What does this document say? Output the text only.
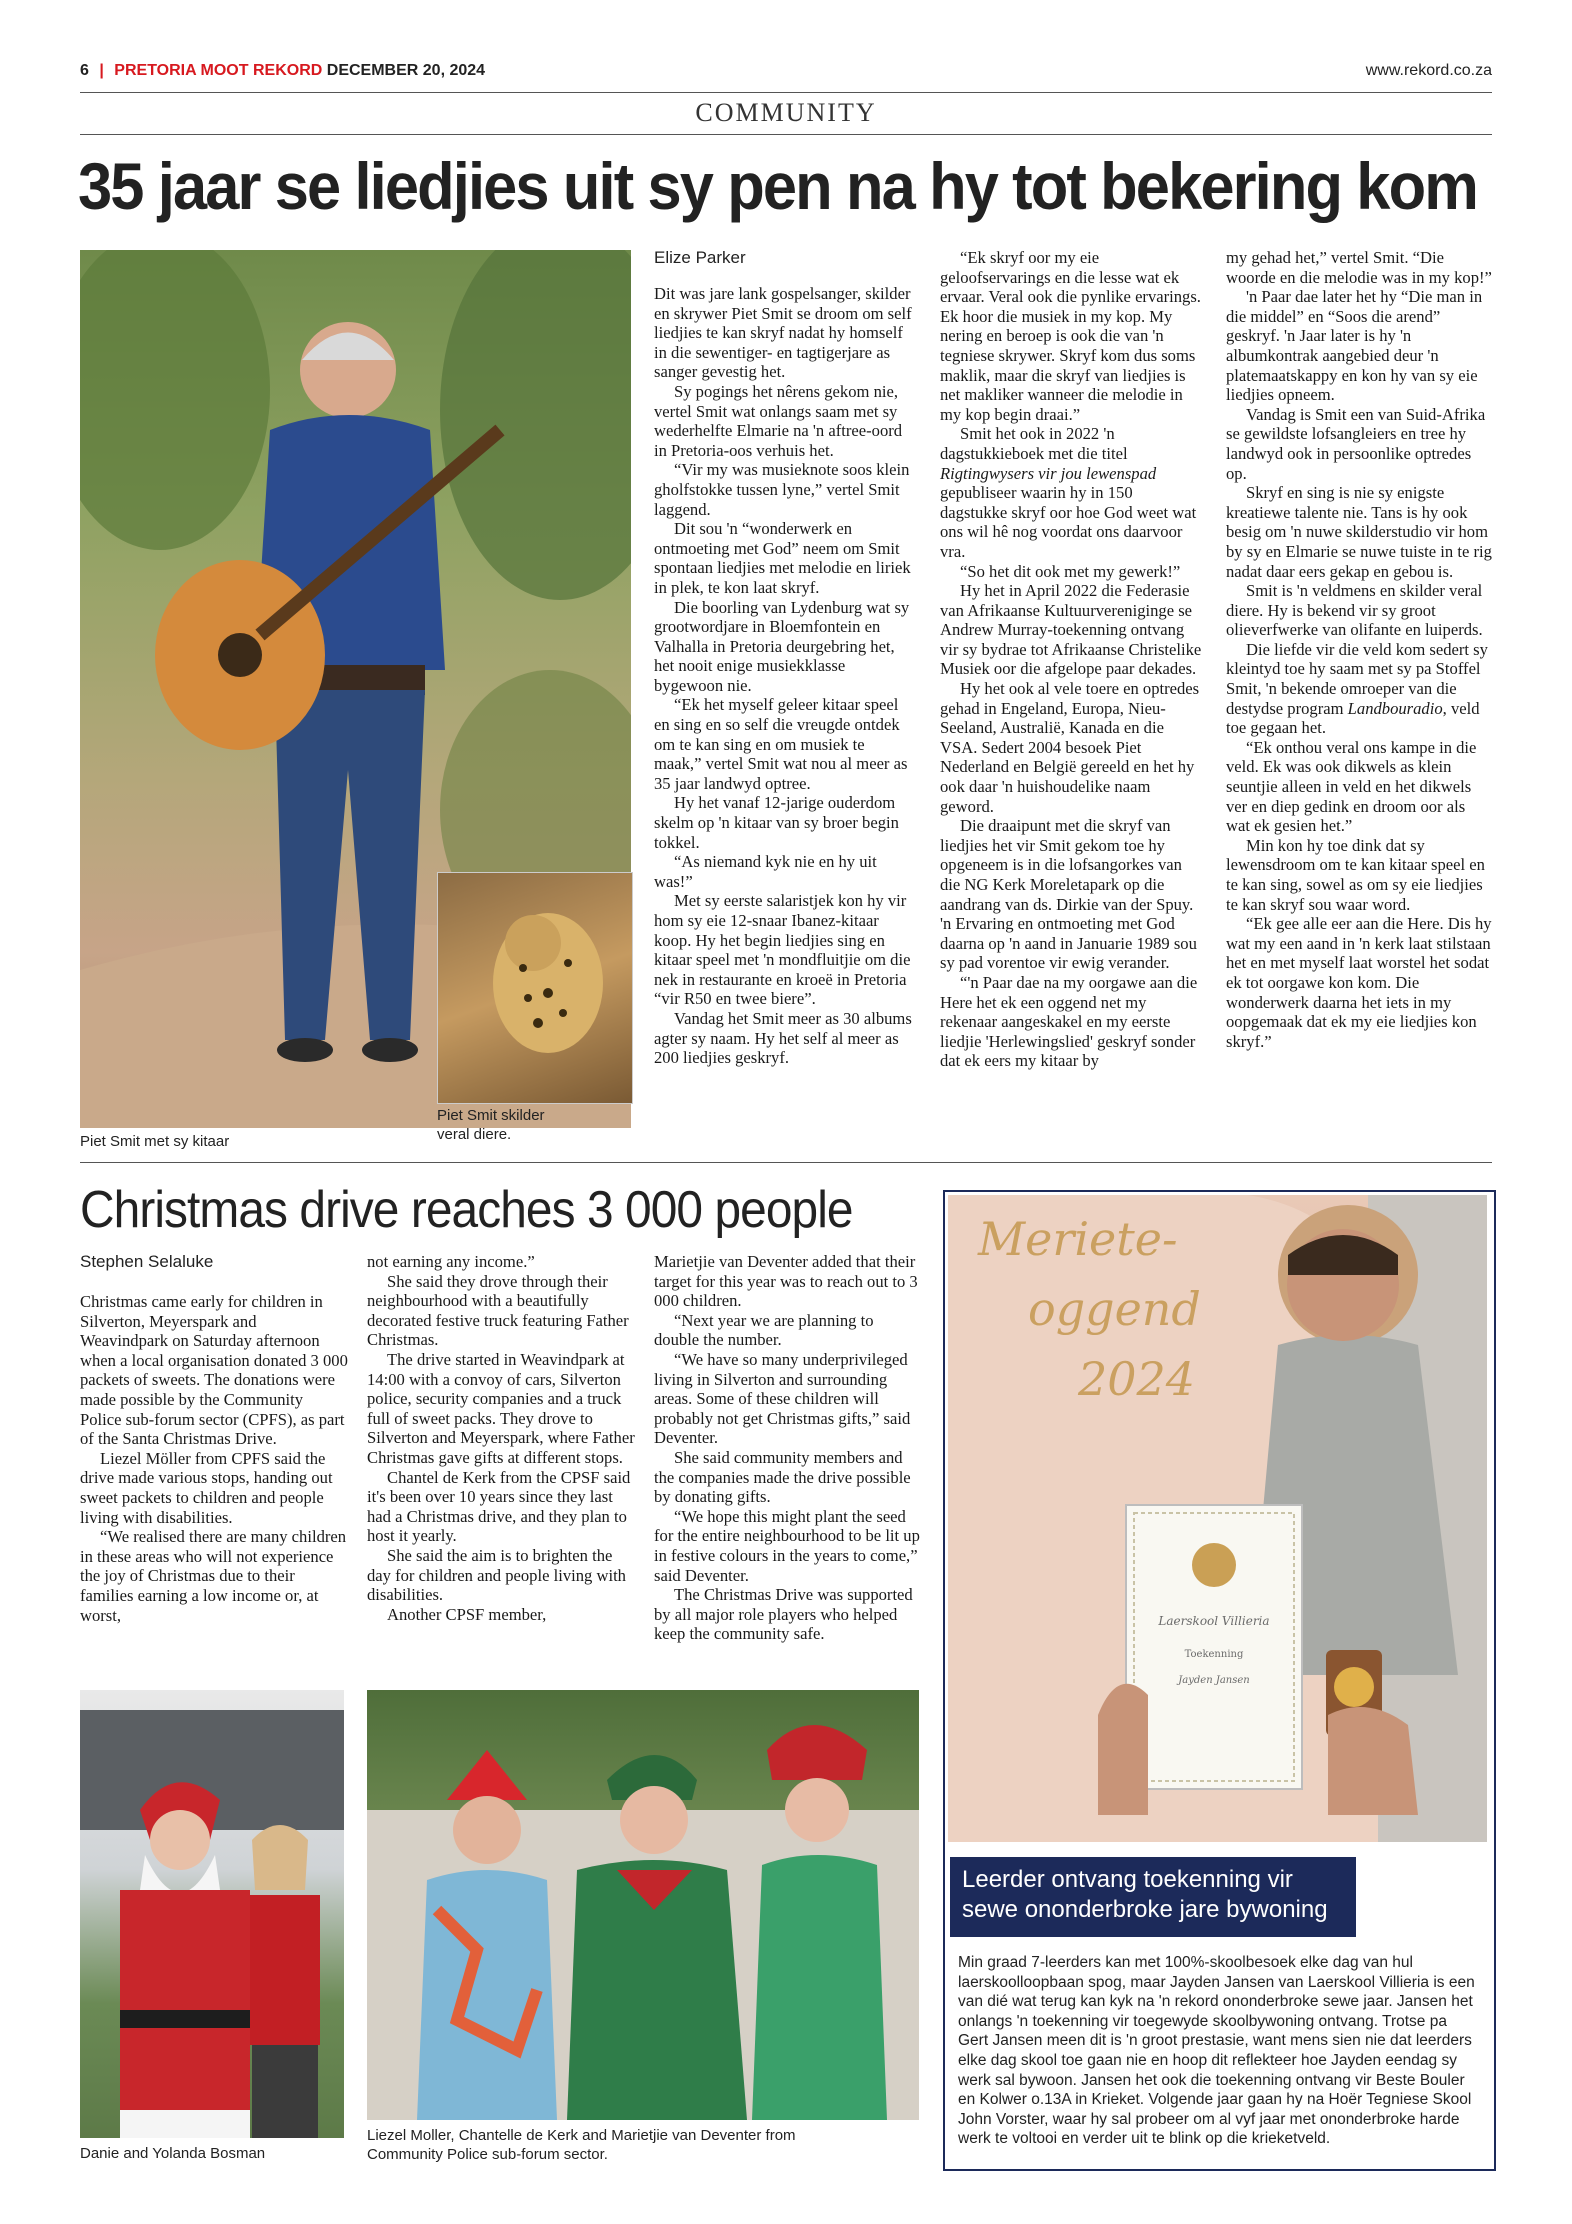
6 | PRETORIA MOOT REKORD DECEMBER 20, 2024	www.rekord.co.za
COMMUNITY
35 jaar se liedjies uit sy pen na hy tot bekering kom
Piet Smit met sy kitaar
Piet Smit skilder
veral diere.
Elize Parker

Dit was jare lank gospelsanger, skilder en skrywer Piet Smit se droom om self liedjies te kan skryf nadat hy homself in die sewentiger- en tagtigerjare as sanger gevestig het.

Sy pogings het nêrens gekom nie, vertel Smit wat onlangs saam met sy wederhelfte Elmarie na 'n aftree-oord in Pretoria-oos verhuis het.

“Vir my was musieknote soos klein gholfstokke tussen lyne,” vertel Smit laggend.

Dit sou 'n “wonderwerk en ontmoeting met God” neem om Smit spontaan liedjies met melodie en liriek in plek, te kon laat skryf.

Die boorling van Lydenburg wat sy grootwordjare in Bloemfontein en Valhalla in Pretoria deurgebring het, het nooit enige musiekklasse bygewoon nie.

“Ek het myself geleer kitaar speel en sing en so self die vreugde ontdek om te kan sing en om musiek te maak,” vertel Smit wat nou al meer as 35 jaar landwyd optree.

Hy het vanaf 12-jarige ouderdom skelm op 'n kitaar van sy broer begin tokkel.

“As niemand kyk nie en hy uit was!”

Met sy eerste salaristjek kon hy vir hom sy eie 12-snaar Ibanez-kitaar koop. Hy het begin liedjies sing en kitaar speel met 'n mondfluitjie om die nek in restaurante en kroeë in Pretoria “vir R50 en twee biere”.

Vandag het Smit meer as 30 albums agter sy naam. Hy het self al meer as 200 liedjies geskryf.

“Ek skryf oor my eie geloofservarings en die lesse wat ek ervaar. Veral ook die pynlike ervarings. Ek hoor die musiek in my kop. My nering en beroep is ook die van 'n tegniese skrywer. Skryf kom dus soms maklik, maar die skryf van liedjies is net makliker wanneer die melodie in my kop begin draai.”

Smit het ook in 2022 'n dagstukkieboek met die titel Rigtingwysers vir jou lewenspad gepubliseer waarin hy in 150 dagstukke skryf oor hoe God weet wat ons wil hê nog voordat ons daarvoor vra.

“So het dit ook met my gewerk!”

Hy het in April 2022 die Federasie van Afrikaanse Kultuurvereniginge se Andrew Murray-toekenning ontvang vir sy bydrae tot Afrikaanse Christelike Musiek oor die afgelope paar dekades.

Hy het ook al vele toere en optredes gehad in Engeland, Europa, Nieu-Seeland, Australië, Kanada en die VSA. Sedert 2004 besoek Piet Nederland en België gereeld en het hy ook daar 'n huishoudelike naam geword.

Die draaipunt met die skryf van liedjies het vir Smit gekom toe hy opgeneem is in die lofsangorkes van die NG Kerk Moreletapark op die aandrang van ds. Dirkie van der Spuy. 'n Ervaring en ontmoeting met God daarna op 'n aand in Januarie 1989 sou sy pad vorentoe vir ewig verander.

“'n Paar dae na my oorgawe aan die Here het ek een oggend net my rekenaar aangeskakel en my eerste liedjie 'Herlewingslied' geskryf sonder dat ek eers my kitaar by

my gehad het,” vertel Smit. “Die woorde en die melodie was in my kop!”

'n Paar dae later het hy “Die man in die middel” en “Soos die arend” geskryf. 'n Jaar later is hy 'n albumkontrak aangebied deur 'n platemaatskappy en kon hy van sy eie liedjies opneem.

Vandag is Smit een van Suid-Afrika se gewildste lofsangleiers en tree hy landwyd ook in persoonlike optredes op.

Skryf en sing is nie sy enigste kreatiewe talente nie. Tans is hy ook besig om 'n nuwe skilderstudio vir hom by sy en Elmarie se nuwe tuiste in te rig nadat daar eers gekap en gebou is.

Smit is 'n veldmens en skilder veral diere. Hy is bekend vir sy groot olieverfwerke van olifante en luiperds.

Die liefde vir die veld kom sedert sy kleintyd toe hy saam met sy pa Stoffel Smit, 'n bekende omroeper van die destydse program Landbouradio, veld toe gegaan het.

“Ek onthou veral ons kampe in die veld. Ek was ook dikwels as klein seuntjie alleen in veld en het dikwels ver en diep gedink en droom oor als wat ek gesien het.”

Min kon hy toe dink dat sy lewensdroom om te kan kitaar speel en te kan sing, sowel as om sy eie liedjies te kan skryf sou waar word.

“Ek gee alle eer aan die Here. Dis hy wat my een aand in 'n kerk laat stilstaan het en met myself laat worstel het sodat ek tot oorgawe kon kom. Die wonderwerk daarna het iets in my oopgemaak dat ek my eie liedjies kon skryf.”

Christmas drive reaches 3 000 people
Stephen Selaluke

Christmas came early for children in Silverton, Meyerspark and Weavindpark on Saturday afternoon when a local organisation donated 3 000 packets of sweets. The donations were made possible by the Community Police sub-forum sector (CPFS), as part of the Santa Christmas Drive.

Liezel Möller from CPFS said the drive made various stops, handing out sweet packets to children and people living with disabilities.

“We realised there are many children in these areas who will not experience the joy of Christmas due to their families earning a low income or, at worst,

not earning any income.”

She said they drove through their neighbourhood with a beautifully decorated festive truck featuring Father Christmas.

The drive started in Weavindpark at 14:00 with a convoy of cars, Silverton police, security companies and a truck full of sweet packs. They drove to Silverton and Meyerspark, where Father Christmas gave gifts at different stops.

Chantel de Kerk from the CPSF said it's been over 10 years since they last had a Christmas drive, and they plan to host it yearly.

She said the aim is to brighten the day for children and people living with disabilities.

Another CPSF member,

Marietjie van Deventer added that their target for this year was to reach out to 3 000 children.

“Next year we are planning to double the number.

“We have so many underprivileged living in Silverton and surrounding areas. Some of these children will probably not get Christmas gifts,” said Deventer.

She said community members and the companies made the drive possible by donating gifts.

“We hope this might plant the seed for the entire neighbourhood to be lit up in festive colours in the years to come,” said Deventer.

The Christmas Drive was supported by all major role players who helped keep the community safe.

Danie and Yolanda Bosman
Liezel Moller, Chantelle de Kerk and Marietjie van Deventer from
Community Police sub-forum sector.
Meriete-
oggend
2024
Laerskool Villieria
Toekenning
Jayden Jansen
Leerder ontvang toekenning vir
sewe ononderbroke jare bywoning
Min graad 7-leerders kan met 100%-skoolbesoek elke dag van hul laerskoolloopbaan spog, maar Jayden Jansen van Laerskool Villieria is een van dié wat terug kan kyk na 'n rekord ononderbroke sewe jaar. Jansen het onlangs 'n toekenning vir toegewyde skoolbywoning ontvang. Trotse pa Gert Jansen meen dit is 'n groot prestasie, want mens sien nie dat leerders elke dag skool toe gaan nie en hoop dit reflekteer hoe Jayden eendag sy werk sal bywoon. Jansen het ook die toekenning ontvang vir Beste Bouler en Kolwer o.13A in Krieket. Volgende jaar gaan hy na Hoër Tegniese Skool John Vorster, waar hy sal probeer om al vyf jaar met ononderbroke harde werk te voltooi en verder uit te blink op die krieketveld.
